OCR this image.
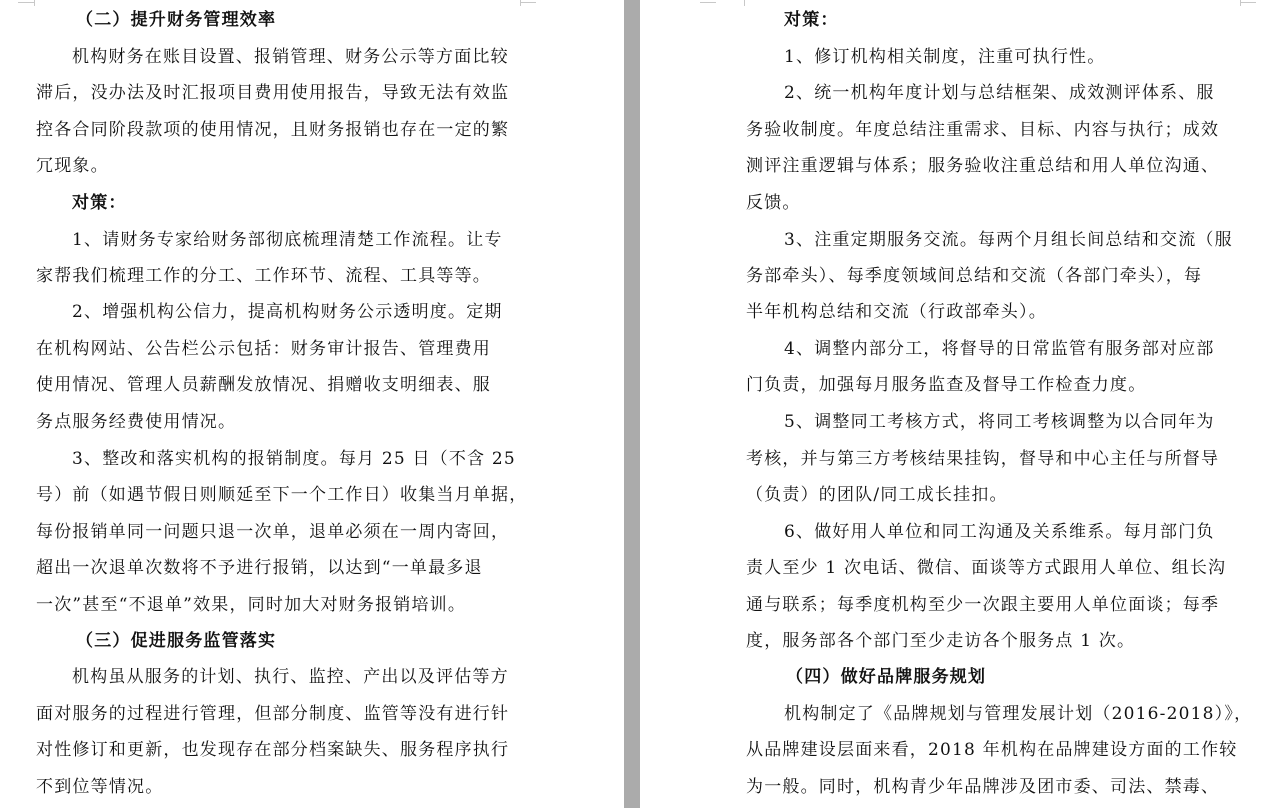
（二）提升财务管理效率
机构财务在账目设置、报销管理、财务公示等方面比较
滞后，没办法及时汇报项目费用使用报告，导致无法有效监
控各合同阶段款项的使用情况，且财务报销也存在一定的繁
冗现象。
对策：
1、请财务专家给财务部彻底梳理清楚工作流程。让专
家帮我们梳理工作的分工、工作环节、流程、工具等等。
2、增强机构公信力，提高机构财务公示透明度。定期
在机构网站、公告栏公示包括：财务审计报告、管理费用
使用情况、管理人员薪酬发放情况、捐赠收支明细表、服
务点服务经费使用情况。
3、整改和落实机构的报销制度。每月 25 日（不含 25
号）前（如遇节假日则顺延至下一个工作日）收集当月单据，
每份报销单同一问题只退一次单，退单必须在一周内寄回，
超出一次退单次数将不予进行报销，以达到“一单最多退
一次”甚至“不退单”效果，同时加大对财务报销培训。
（三）促进服务监管落实
机构虽从服务的计划、执行、监控、产出以及评估等方
面对服务的过程进行管理，但部分制度、监管等没有进行针
对性修订和更新，也发现存在部分档案缺失、服务程序执行
不到位等情况。
对策：
1、修订机构相关制度，注重可执行性。
2、统一机构年度计划与总结框架、成效测评体系、服
务验收制度。年度总结注重需求、目标、内容与执行；成效
测评注重逻辑与体系；服务验收注重总结和用人单位沟通、
反馈。
3、注重定期服务交流。每两个月组长间总结和交流（服
务部牵头）、每季度领域间总结和交流（各部门牵头），每
半年机构总结和交流（行政部牵头）。
4、调整内部分工，将督导的日常监管有服务部对应部
门负责，加强每月服务监查及督导工作检查力度。
5、调整同工考核方式，将同工考核调整为以合同年为
考核，并与第三方考核结果挂钩，督导和中心主任与所督导
（负责）的团队/同工成长挂扣。
6、做好用人单位和同工沟通及关系维系。每月部门负
责人至少 1 次电话、微信、面谈等方式跟用人单位、组长沟
通与联系；每季度机构至少一次跟主要用人单位面谈；每季
度，服务部各个部门至少走访各个服务点 1 次。
（四）做好品牌服务规划
机构制定了《品牌规划与管理发展计划（2016-2018）》，
从品牌建设层面来看，2018 年机构在品牌建设方面的工作较
为一般。同时，机构青少年品牌涉及团市委、司法、禁毒、
